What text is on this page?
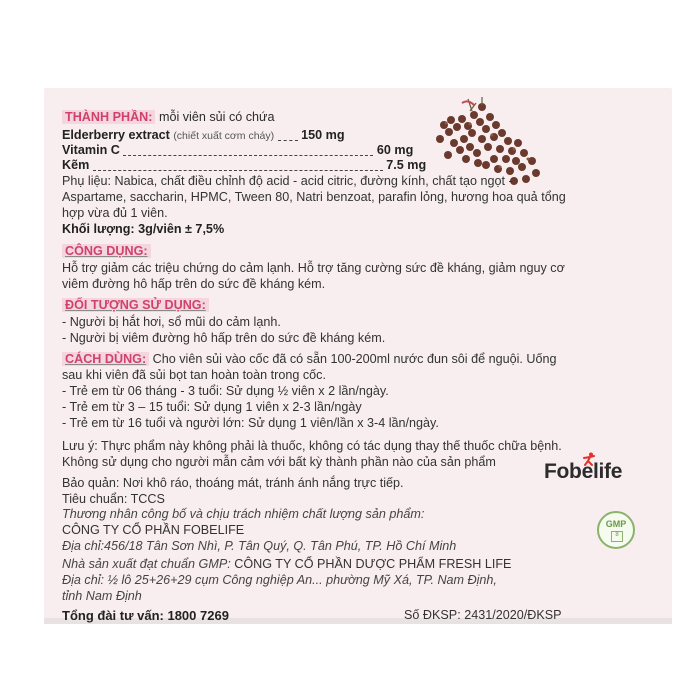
THÀNH PHẦN: mỗi viên sủi có chứa
Elderberry extract (chiết xuất cơm cháy) 150 mg
Vitamin C	60 mg
Kẽm	7.5 mg
Phụ liệu: Nabica, chất điều chỉnh độ acid - acid citric, đường kính, chất tạo ngọt -
Aspartame, saccharin, HPMC, Tween 80, Natri benzoat, parafin lỏng, hương hoa quả tổng
hợp vừa đủ 1 viên.
Khối lượng: 3g/viên ± 7,5%
CÔNG DỤNG:
Hỗ trợ giảm các triệu chứng do cảm lạnh. Hỗ trợ tăng cường sức đề kháng, giảm nguy cơ
viêm đường hô hấp trên do sức đề kháng kém.
ĐỐI TƯỢNG SỬ DỤNG:
- Người bị hắt hơi, sổ mũi do cảm lạnh.
- Người bị viêm đường hô hấp trên do sức đề kháng kém.
CÁCH DÙNG: Cho viên sủi vào cốc đã có sẵn 100-200ml nước đun sôi để nguội. Uống
sau khi viên đã sủi bọt tan hoàn toàn trong cốc.
- Trẻ em từ 06 tháng - 3 tuổi: Sử dụng ½ viên x 2 lần/ngày.
- Trẻ em từ 3 – 15 tuổi: Sử dụng 1 viên x 2-3 lần/ngày
- Trẻ em từ 16 tuổi và người lớn: Sử dụng 1 viên/lần x 3-4 lần/ngày.
Lưu ý: Thực phẩm này không phải là thuốc, không có tác dụng thay thế thuốc chữa bệnh.
Không sử dụng cho người mẫn cảm với bất kỳ thành phần nào của sản phẩm
Bảo quản: Nơi khô ráo, thoáng mát, tránh ánh nắng trực tiếp.
Tiêu chuẩn: TCCS
Thương nhân công bố và chịu trách nhiệm chất lượng sản phẩm:
CÔNG TY CỔ PHẦN FOBELIFE
Địa chỉ:456/18 Tân Sơn Nhì, P. Tân Quý, Q. Tân Phú, TP. Hồ Chí Minh
Nhà sản xuất đạt chuẩn GMP: CÔNG TY CỔ PHẦN DƯỢC PHẨM FRESH LIFE
Địa chỉ: ½ lô 25+26+29 cụm Công nghiệp An... phường Mỹ Xá, TP. Nam Định,
tỉnh Nam Định
Tổng đài tư vấn: 1800 7269	Số ĐKSP: 2431/2020/ĐKSP
Fobelife
GMP
8
